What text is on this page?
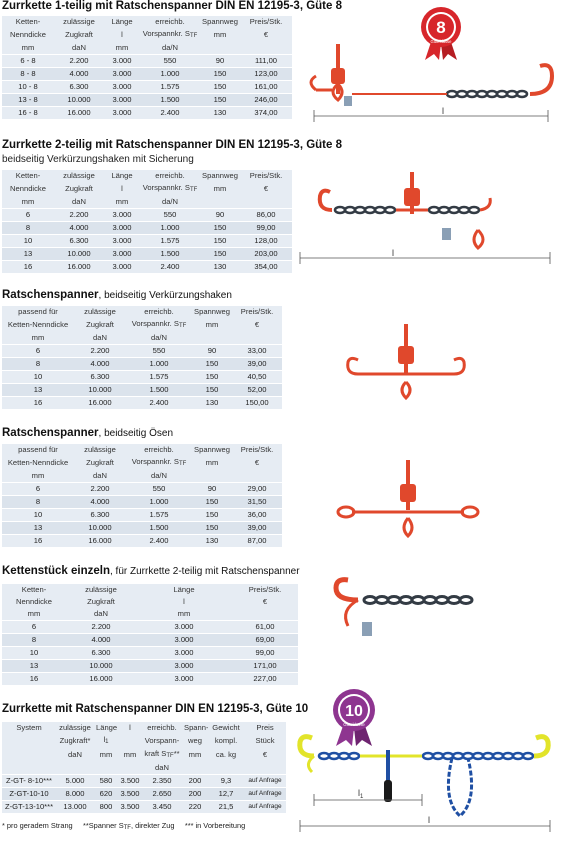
Zurrkette 1-teilig mit Ratschenspanner DIN EN 12195-3, Güte 8
Ketten-	zulässige	Länge	erreichb.	Spannweg	Preis/Stk.
Nenndicke	Zugkraft	l	Vorspannkr. $S_{TF}$	mm	€
mm	daN	mm	da/N		
6 - 8	2.200	3.000	550	90	111,00
8 - 8	4.000	3.000	1.000	150	123,00
10 - 8	6.300	3.000	1.575	150	161,00
13 - 8	10.000	3.000	1.500	150	246,00
16 - 8	16.000	3.000	2.400	130	374,00
Zurrkette 2-teilig mit Ratschenspanner DIN EN 12195-3, Güte 8
beidseitig Verkürzungshaken mit Sicherung
Ketten-	zulässige	Länge	erreichb.	Spannweg	Preis/Stk.
Nenndicke	Zugkraft	l	Vorspannkr. $S_{TF}$	mm	€
mm	daN	mm	da/N		
6	2.200	3.000	550	90	86,00
8	4.000	3.000	1.000	150	99,00
10	6.300	3.000	1.575	150	128,00
13	10.000	3.000	1.500	150	203,00
16	16.000	3.000	2.400	130	354,00
Ratschenspanner, beidseitig Verkürzungshaken
passend für	zulässige	erreichb.	Spannweg	Preis/Stk.
Ketten-Nenndicke	Zugkraft	Vorspannkr. $S_{TF}$	mm	€
mm	daN	da/N		
6	2.200	550	90	33,00
8	4.000	1.000	150	39,00
10	6.300	1.575	150	40,50
13	10.000	1.500	150	52,00
16	16.000	2.400	130	150,00
Ratschenspanner, beidseitig Ösen
passend für	zulässige	erreichb.	Spannweg	Preis/Stk.
Ketten-Nenndicke	Zugkraft	Vorspannkr. $S_{TF}$	mm	€
mm	daN	da/N		
6	2.200	550	90	29,00
8	4.000	1.000	150	31,50
10	6.300	1.575	150	36,00
13	10.000	1.500	150	39,00
16	16.000	2.400	130	87,00
Kettenstück einzeln, für Zurrkette 2-teilig mit Ratschenspanner
Ketten-	zulässige	Länge	Preis/Stk.
Nenndicke	Zugkraft	l	€
mm	daN	mm	
6	2.200	3.000	61,00
8	4.000	3.000	69,00
10	6.300	3.000	99,00
13	10.000	3.000	171,00
16	16.000	3.000	227,00
Zurrkette mit Ratschenspanner DIN EN 12195-3, Güte 10
System	zulässige	Länge	l	erreichb.	Spann-	Gewicht	Preis
	Zugkraft*	$l_1$		Vorspann-	weg	kompl.	Stück
	daN	mm	mm	kraft $S_{TF}**$	mm	ca. kg	€
				daN			
Z-GT- 8-10***	5.000	580	3.500	2.350	200	9,3	auf Anfrage
Z-GT-10-10	8.000	620	3.500	2.650	200	12,7	auf Anfrage
Z-GT-13-10***	13.000	800	3.500	3.450	220	21,5	auf Anfrage
* pro geradem Strang **Spanner $S_{TF}$, direkter Zug *** in Vorbereitung
8
Güteklasse
l
l
10
Güteklasse
$l_1$
l
